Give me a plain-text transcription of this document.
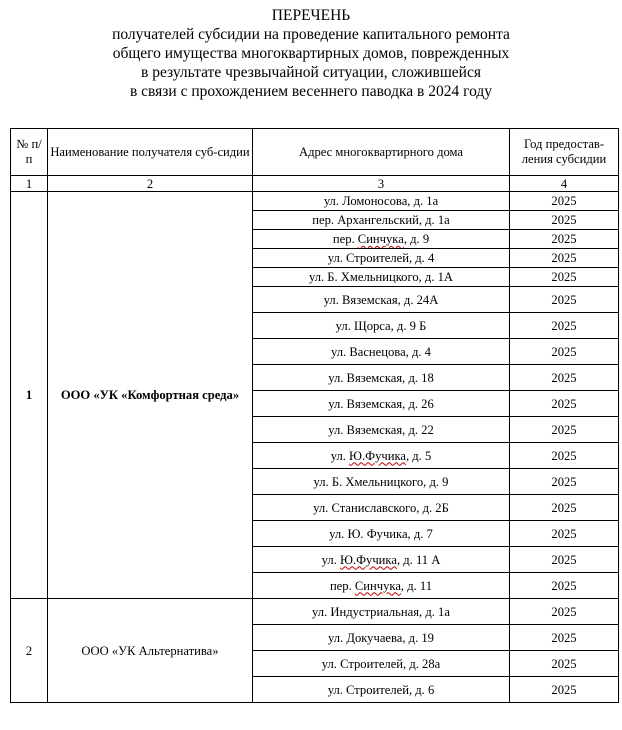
ПЕРЕЧЕНЬ
получателей субсидии на проведение капитального ремонта
общего имущества многоквартирных домов, поврежденных
в результате чрезвычайной ситуации, сложившейся
в связи с прохождением весеннего паводка в 2024 году
№ п/п	Наименование получателя суб-сидии	Адрес многоквартирного дома	Год предостав-ления субсидии
1	2	3	4
1	ООО «УК «Комфортная среда»	ул. Ломоносова, д. 1а	2025
		пер. Архангельский, д. 1а	2025
		пер. Синчука, д. 9	2025
		ул. Строителей, д. 4	2025
		ул. Б. Хмельницкого, д. 1А	2025
		ул. Вяземская, д. 24А	2025
		ул. Щорса, д. 9 Б	2025
		ул. Васнецова, д. 4	2025
		ул. Вяземская, д. 18	2025
		ул. Вяземская, д. 26	2025
		ул. Вяземская, д. 22	2025
		ул. Ю.Фучика, д. 5	2025
		ул. Б. Хмельницкого, д. 9	2025
		ул. Станиславского, д. 2Б	2025
		ул. Ю. Фучика, д. 7	2025
		ул. Ю.Фучика, д. 11 А	2025
		пер. Синчука, д. 11	2025
2	ООО «УК Альтернатива»	ул. Индустриальная, д. 1а	2025
		ул. Докучаева, д. 19	2025
		ул. Строителей, д. 28а	2025
		ул. Строителей, д. 6	2025
